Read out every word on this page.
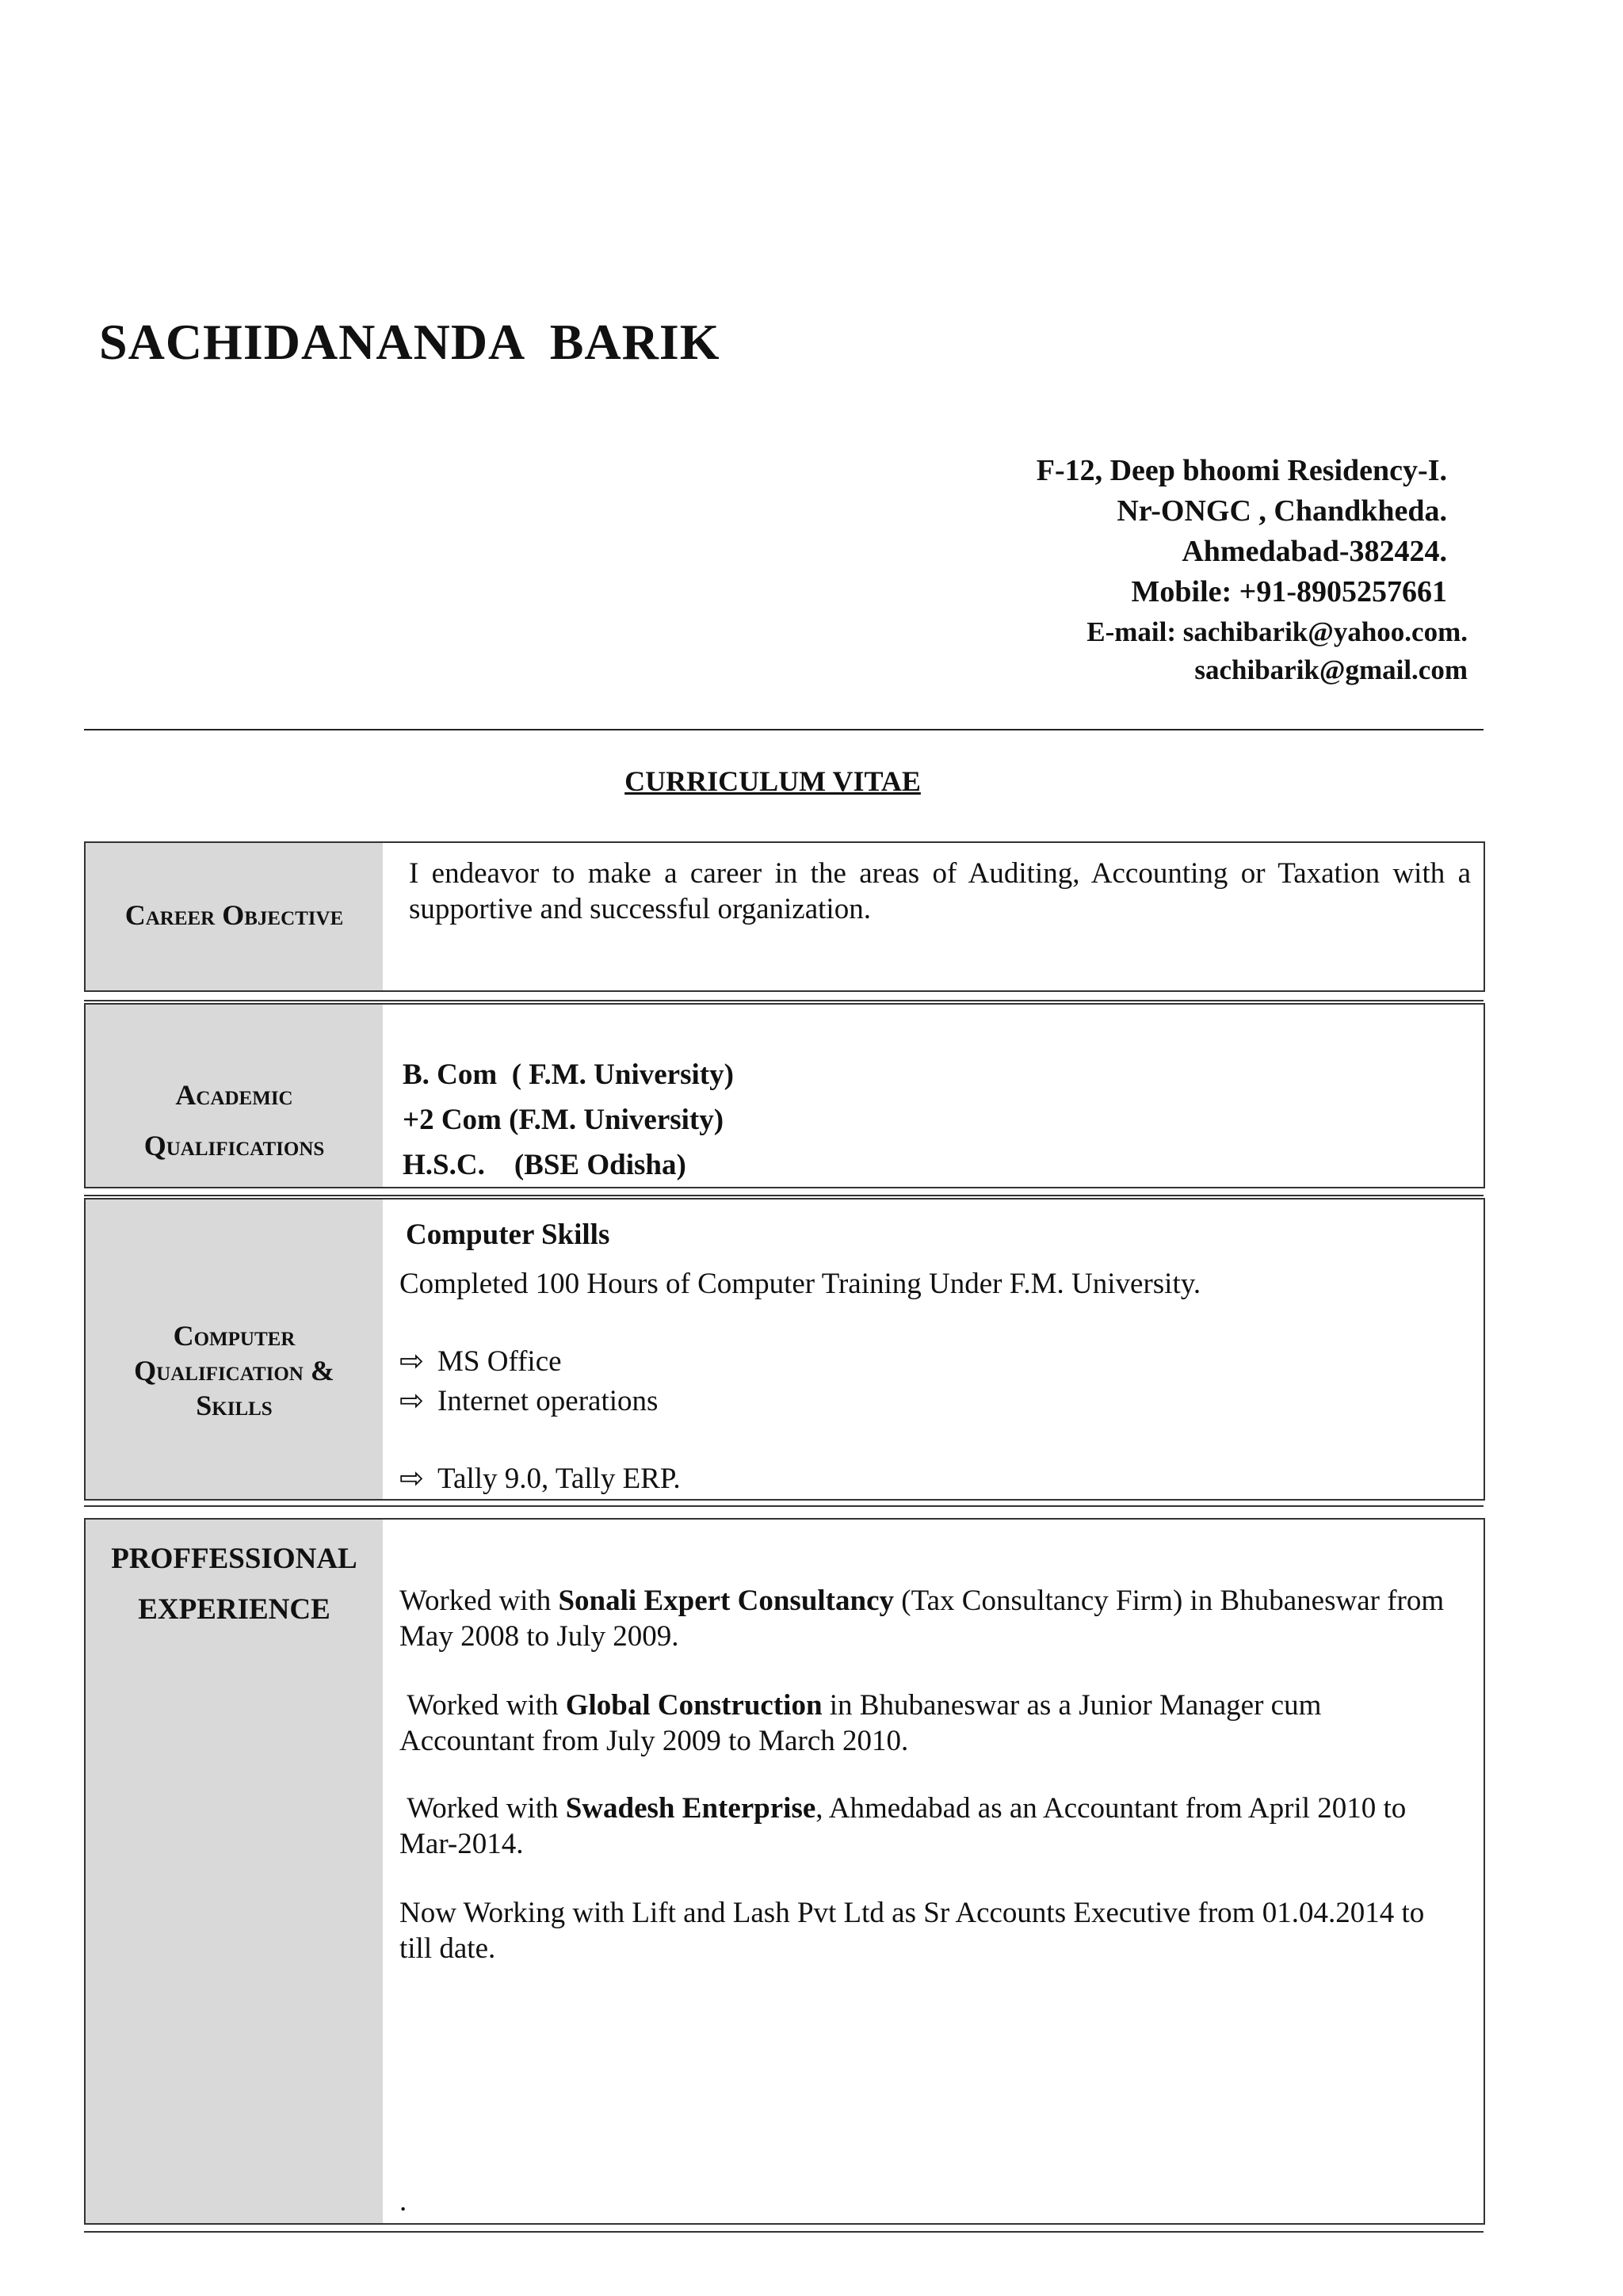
SACHIDANANDA  BARIK
F-12, Deep bhoomi Residency-I.
Nr-ONGC , Chandkheda.
Ahmedabad-382424.
Mobile: +91-8905257661
E-mail: sachibarik@yahoo.com.
sachibarik@gmail.com
CURRICULUM VITAE
Career Objective
I endeavor to make a career in the areas of Auditing, Accounting or Taxation with a supportive and successful organization.
Academic
Qualifications
B. Com  ( F.M. University)
+2 Com (F.M. University)
H.S.C.    (BSE Odisha)
Computer
Qualification &
Skills
Computer Skills
Completed 100 Hours of Computer Training Under F.M. University.
⇨ MS Office
⇨ Internet operations
⇨ Tally 9.0, Tally ERP.
PROFFESSIONAL
EXPERIENCE	Worked with Sonali Expert Consultancy (Tax Consultancy Firm) in Bhubaneswar from May 2008 to July 2009.
Worked with Global Construction in Bhubaneswar as a Junior Manager cum Accountant from July 2009 to March 2010.
Worked with Swadesh Enterprise, Ahmedabad as an Accountant from April 2010 to Mar-2014.
Now Working with Lift and Lash Pvt Ltd as Sr Accounts Executive from 01.04.2014 to till date.
.
